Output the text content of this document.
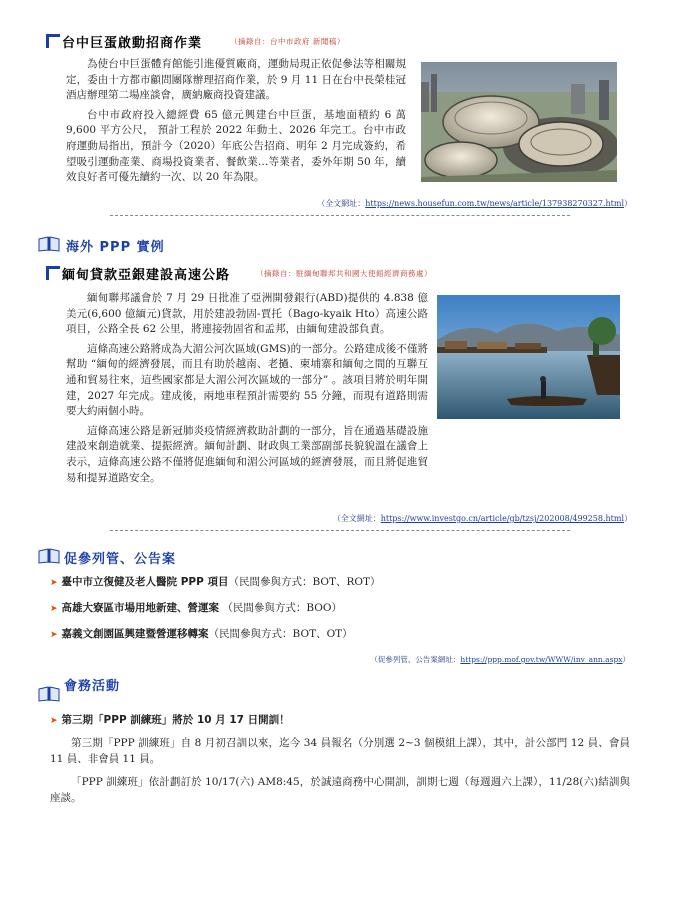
台中巨蛋啟動招商作業	（摘錄自：台中市政府 新聞稿）

為使台中巨蛋體育館能引進優質廠商，運動局現正依促參法等相關規定，委由十方都市顧問團隊辦理招商作業，於 9 月 11 日在台中長榮桂冠酒店辦理第二場座談會，廣納廠商投資建議。

台中市政府投入總經費 65 億元興建台中巨蛋，基地面積約 6 萬9,600 平方公尺， 預計工程於 2022 年動土、2026 年完工。台中市政府運動局指出，預計今（2020）年底公告招商、明年 2 月完成簽約，希望吸引運動產業、商場投資業者、餐飲業…等業者，委外年期 50 年，續效良好者可優先續約一次、以 20 年為限。

（全文網址：https://news.housefun.com.tw/news/article/137938270327.html）
海外 PPP 實例
緬甸貸款亞銀建設高速公路	（摘錄自：駐緬甸聯邦共和國大使館經濟商務處）

緬甸聯邦議會於 7 月 29 日批准了亞洲開發銀行(ABD)提供的 4.838 億美元(6,600 億緬元)貸款，用於建設勃固-賈托（Bago-kyaik Hto）高速公路項目，公路全長 62 公里，將連接勃固省和孟邦，由緬甸建設部負責。

這條高速公路將成為大湄公河次區域(GMS)的一部分。公路建成後不僅將幫助 “緬甸的經濟發展，而且有助於越南、老撾、柬埔寨和緬甸之間的互聯互通和貿易往來，這些國家都是大湄公河次區域的一部分” 。該項目將於明年開建，2027 年完成。建成後，兩地車程預計需要約 55 分鐘，而現有道路則需要大約兩個小時。

這條高速公路是新冠肺炎疫情經濟救助計劃的一部分，旨在通過基礎設施建設來創造就業、提振經濟。緬甸計劃、財政與工業部副部長貌貌溫在議會上表示，這條高速公路不僅將促進緬甸和湄公河區域的經濟發展，而且將促進貿易和提昇道路安全。

（全文網址：https://www.investgo.cn/article/gb/tzsj/202008/499258.html）
促參列管、公告案
➤ 臺中市立復健及老人醫院 PPP 項目（民間參與方式：BOT、ROT）
➤ 高雄大寮區市場用地新建、營運案 （民間參與方式：BOO）
➤ 嘉義文創園區興建暨營運移轉案（民間參與方式：BOT、OT）
（促參列管、公告案網址：https://ppp.mof.gov.tw/WWW/inv_ann.aspx）
會務活動
➤ 第三期「PPP 訓練班」將於 10 月 17 日開訓！

第三期「PPP 訓練班」自 8 月初召訓以來，迄今 34 員報名（分別選 2~3 個模組上課），其中，計公部門 12 員、會員 11 員、非會員 11 員。

「PPP 訓練班」依計劃訂於 10/17(六) AM8:45，於誠遠商務中心開訓，訓期七週（每週週六上課），11/28(六)結訓與座談。
